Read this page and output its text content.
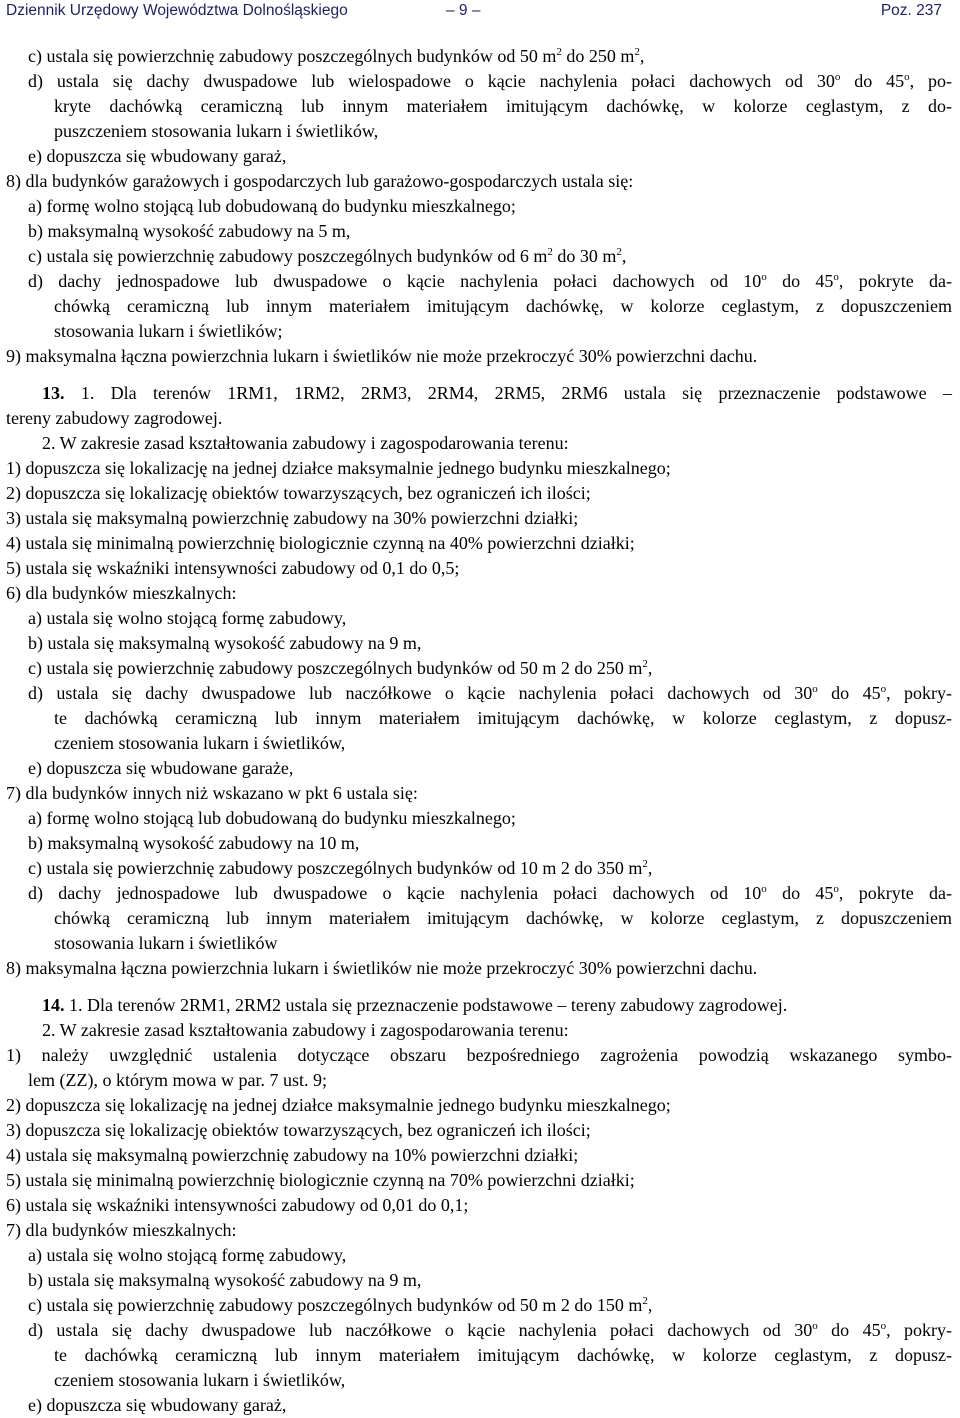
Dziennik Urzędowy Województwa Dolnośląskiego	– 9 –	Poz. 237
c) ustala się powierzchnię zabudowy poszczególnych budynków od 50 $m^2$ do 250 $m^2$,
d) ustala się dachy dwuspadowe lub wielospadowe o kącie nachylenia połaci dachowych od 30$^o$ do 45$^o$, po-
kryte dachówką ceramiczną lub innym materiałem imitującym dachówkę, w kolorze ceglastym, z do-
puszczeniem stosowania lukarn i świetlików,
e) dopuszcza się wbudowany garaż,
8) dla budynków garażowych i gospodarczych lub garażowo-gospodarczych ustala się:
a) formę wolno stojącą lub dobudowaną do budynku mieszkalnego;
b) maksymalną wysokość zabudowy na 5 m,
c) ustala się powierzchnię zabudowy poszczególnych budynków od 6 $m^2$ do 30 $m^2$,
d) dachy jednospadowe lub dwuspadowe o kącie nachylenia połaci dachowych od 10$^o$ do 45$^o$, pokryte da-
chówką ceramiczną lub innym materiałem imitującym dachówkę, w kolorze ceglastym, z dopuszczeniem
stosowania lukarn i świetlików;
9) maksymalna łączna powierzchnia lukarn i świetlików nie może przekroczyć 30% powierzchni dachu.
13. 1. Dla terenów 1RM1, 1RM2, 2RM3, 2RM4, 2RM5, 2RM6 ustala się przeznaczenie podstawowe –
tereny zabudowy zagrodowej.
2. W zakresie zasad kształtowania zabudowy i zagospodarowania terenu:
1) dopuszcza się lokalizację na jednej działce maksymalnie jednego budynku mieszkalnego;
2) dopuszcza się lokalizację obiektów towarzyszących, bez ograniczeń ich ilości;
3) ustala się maksymalną powierzchnię zabudowy na 30% powierzchni działki;
4) ustala się minimalną powierzchnię biologicznie czynną na 40% powierzchni działki;
5) ustala się wskaźniki intensywności zabudowy od 0,1 do 0,5;
6) dla budynków mieszkalnych:
a) ustala się wolno stojącą formę zabudowy,
b) ustala się maksymalną wysokość zabudowy na 9 m,
c) ustala się powierzchnię zabudowy poszczególnych budynków od 50 m 2 do 250 $m^2$,
d) ustala się dachy dwuspadowe lub naczółkowe o kącie nachylenia połaci dachowych od 30$^o$ do 45$^o$, pokry-
te dachówką ceramiczną lub innym materiałem imitującym dachówkę, w kolorze ceglastym, z dopusz-
czeniem stosowania lukarn i świetlików,
e) dopuszcza się wbudowane garaże,
7) dla budynków innych niż wskazano w pkt 6 ustala się:
a) formę wolno stojącą lub dobudowaną do budynku mieszkalnego;
b) maksymalną wysokość zabudowy na 10 m,
c) ustala się powierzchnię zabudowy poszczególnych budynków od 10 m 2 do 350 $m^2$,
d) dachy jednospadowe lub dwuspadowe o kącie nachylenia połaci dachowych od 10$^o$ do 45$^o$, pokryte da-
chówką ceramiczną lub innym materiałem imitującym dachówkę, w kolorze ceglastym, z dopuszczeniem
stosowania lukarn i świetlików
8) maksymalna łączna powierzchnia lukarn i świetlików nie może przekroczyć 30% powierzchni dachu.
14. 1. Dla terenów 2RM1, 2RM2 ustala się przeznaczenie podstawowe – tereny zabudowy zagrodowej.
2. W zakresie zasad kształtowania zabudowy i zagospodarowania terenu:
1) należy uwzględnić ustalenia dotyczące obszaru bezpośredniego zagrożenia powodzią wskazanego symbo-
lem (ZZ), o którym mowa w par. 7 ust. 9;
2) dopuszcza się lokalizację na jednej działce maksymalnie jednego budynku mieszkalnego;
3) dopuszcza się lokalizację obiektów towarzyszących, bez ograniczeń ich ilości;
4) ustala się maksymalną powierzchnię zabudowy na 10% powierzchni działki;
5) ustala się minimalną powierzchnię biologicznie czynną na 70% powierzchni działki;
6) ustala się wskaźniki intensywności zabudowy od 0,01 do 0,1;
7) dla budynków mieszkalnych:
a) ustala się wolno stojącą formę zabudowy,
b) ustala się maksymalną wysokość zabudowy na 9 m,
c) ustala się powierzchnię zabudowy poszczególnych budynków od 50 m 2 do 150 $m^2$,
d) ustala się dachy dwuspadowe lub naczółkowe o kącie nachylenia połaci dachowych od 30$^o$ do 45$^o$, pokry-
te dachówką ceramiczną lub innym materiałem imitującym dachówkę, w kolorze ceglastym, z dopusz-
czeniem stosowania lukarn i świetlików,
e) dopuszcza się wbudowany garaż,
